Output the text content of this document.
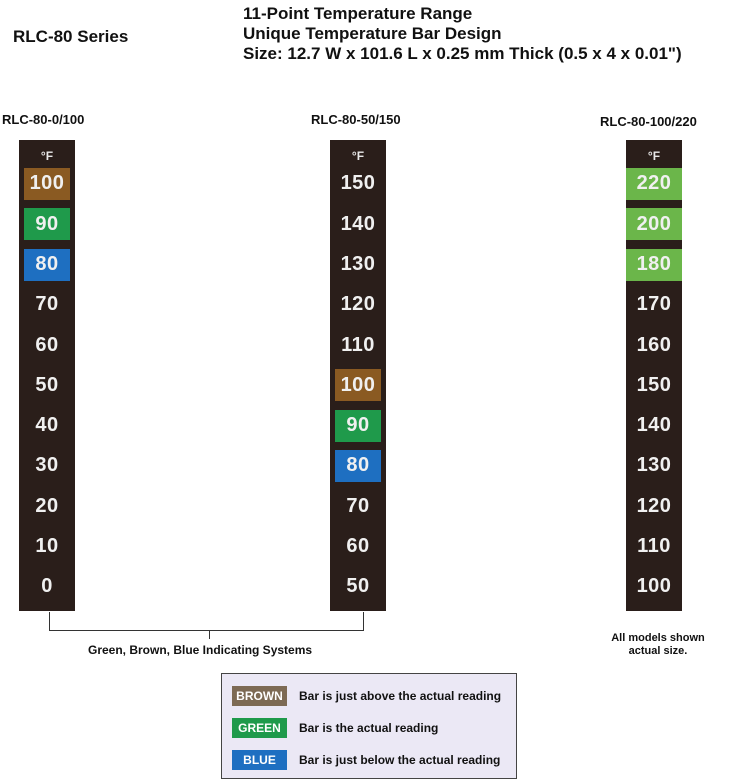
RLC-80 Series
11-Point Temperature Range
Unique Temperature Bar Design
Size: 12.7 W x 101.6 L x 0.25 mm Thick (0.5 x 4 x 0.01")
RLC-80-0/100	RLC-80-50/150	RLC-80-100/220
°F
100
90
80
70
60
50
40
30
20
10
0
°F
150
140
130
120
110
100
90
80
70
60
50
°F
220
200
180
170
160
150
140
130
120
110
100
Green, Brown, Blue Indicating Systems
All models shown
actual size.
BROWN	Bar is just above the actual reading
GREEN	Bar is the actual reading
BLUE	Bar is just below the actual reading
